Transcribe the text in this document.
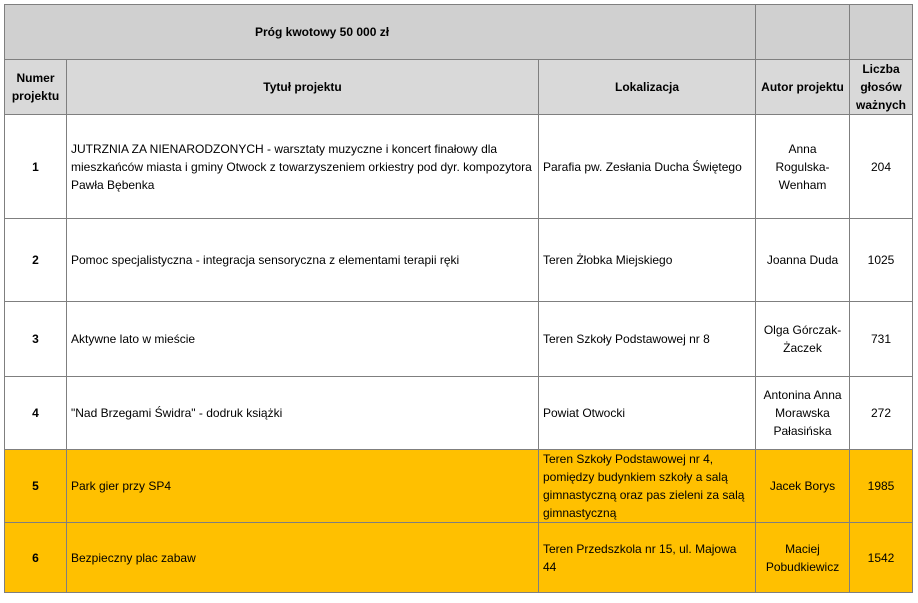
Próg kwotowy 50 000 zł				
Numer projektu	Tytuł projektu	Lokalizacja	Autor projektu	Liczba głosów ważnych
1	JUTRZNIA ZA NIENARODZONYCH - warsztaty muzyczne i koncert finałowy dla mieszkańców miasta i gminy Otwock z towarzyszeniem orkiestry pod dyr. kompozytora Pawła Bębenka	Parafia pw. Zesłania Ducha Świętego	Anna Rogulska-Wenham	204
2	Pomoc specjalistyczna - integracja sensoryczna z elementami terapii ręki	Teren Żłobka Miejskiego	Joanna Duda	1025
3	Aktywne lato w mieście	Teren Szkoły Podstawowej nr 8	Olga Górczak-Żaczek	731
4	"Nad Brzegami Świdra" - dodruk książki	Powiat Otwocki	Antonina Anna Morawska Pałasińska	272
5	Park gier przy SP4	Teren Szkoły Podstawowej nr 4, pomiędzy budynkiem szkoły a salą gimnastyczną oraz pas zieleni za salą gimnastyczną	Jacek Borys	1985
6	Bezpieczny plac zabaw	Teren Przedszkola nr 15, ul. Majowa 44	Maciej Pobudkiewicz	1542
